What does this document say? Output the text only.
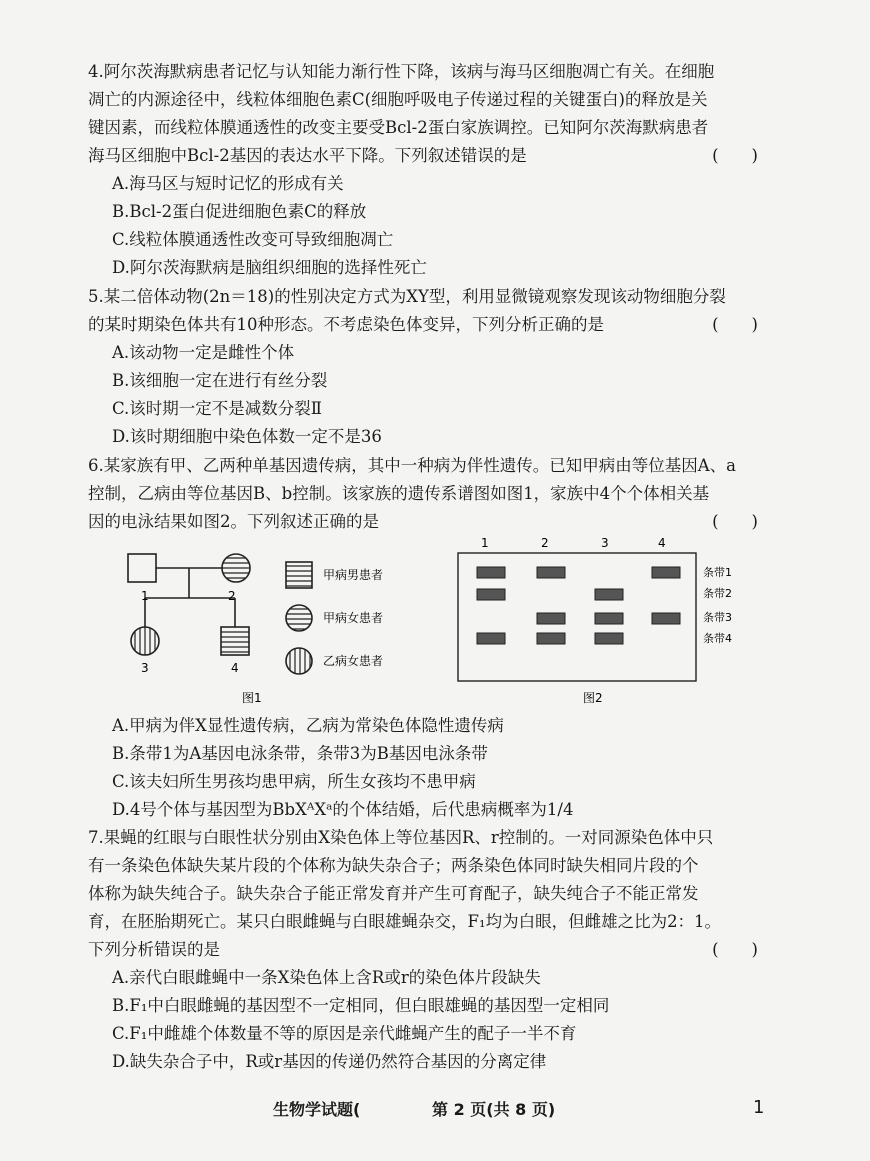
4.阿尔茨海默病患者记忆与认知能力渐行性下降，该病与海马区细胞凋亡有关。在细胞

凋亡的内源途径中，线粒体细胞色素C(细胞呼吸电子传递过程的关键蛋白)的释放是关

键因素，而线粒体膜通透性的改变主要受Bcl-2蛋白家族调控。已知阿尔茨海默病患者

海马区细胞中Bcl-2基因的表达水平下降。下列叙述错误的是	(　　)

A.海马区与短时记忆的形成有关

B.Bcl-2蛋白促进细胞色素C的释放

C.线粒体膜通透性改变可导致细胞凋亡

D.阿尔茨海默病是脑组织细胞的选择性死亡

5.某二倍体动物(2n＝18)的性别决定方式为XY型，利用显微镜观察发现该动物细胞分裂

的某时期染色体共有10种形态。不考虑染色体变异，下列分析正确的是	(　　)

A.该动物一定是雌性个体

B.该细胞一定在进行有丝分裂

C.该时期一定不是减数分裂Ⅱ

D.该时期细胞中染色体数一定不是36

6.某家族有甲、乙两种单基因遗传病，其中一种病为伴性遗传。已知甲病由等位基因A、a

控制，乙病由等位基因B、b控制。该家族的遗传系谱图如图1，家族中4个个体相关基

因的电泳结果如图2。下列叙述正确的是	(　　)

1	2
3	4
甲病男患者
甲病女患者
乙病女患者
图1
1	2	3	4
条带1
条带2
条带3
条带4
图2

A.甲病为伴X显性遗传病，乙病为常染色体隐性遗传病

B.条带1为A基因电泳条带，条带3为B基因电泳条带

C.该夫妇所生男孩均患甲病，所生女孩均不患甲病

D.4号个体与基因型为BbXᴬXᵃ的个体结婚，后代患病概率为1/4

7.果蝇的红眼与白眼性状分别由X染色体上等位基因R、r控制的。一对同源染色体中只

有一条染色体缺失某片段的个体称为缺失杂合子；两条染色体同时缺失相同片段的个

体称为缺失纯合子。缺失杂合子能正常发育并产生可育配子，缺失纯合子不能正常发

育，在胚胎期死亡。某只白眼雌蝇与白眼雄蝇杂交，F₁均为白眼，但雌雄之比为2：1。

下列分析错误的是	(　　)

A.亲代白眼雌蝇中一条X染色体上含R或r的染色体片段缺失

B.F₁中白眼雌蝇的基因型不一定相同，但白眼雄蝇的基因型一定相同

C.F₁中雌雄个体数量不等的原因是亲代雌蝇产生的配子一半不育

D.缺失杂合子中，R或r基因的传递仍然符合基因的分离定律

生物学试题(	第 2 页(共 8 页)	1
